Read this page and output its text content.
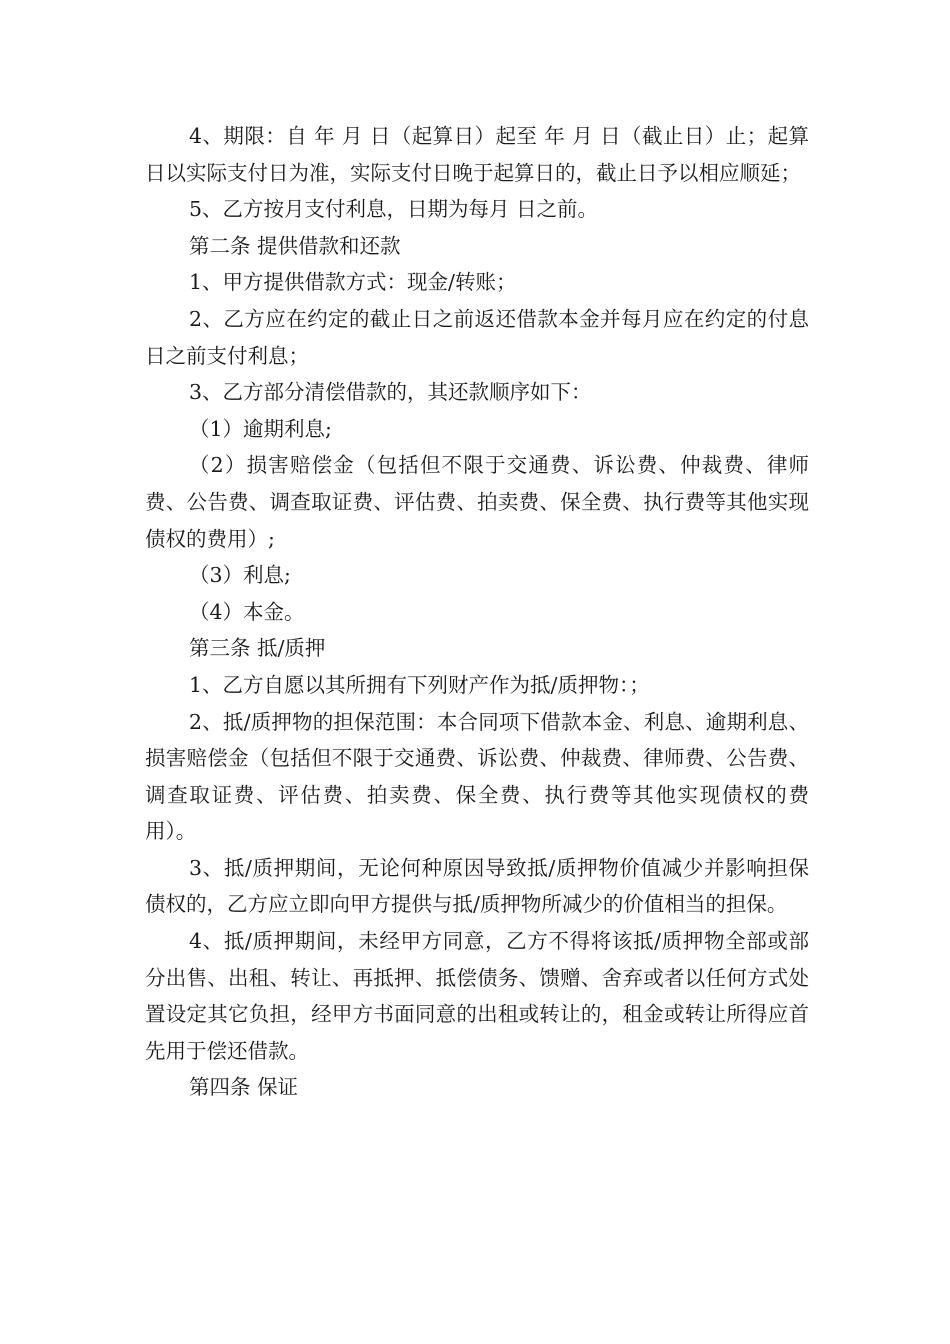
4、期限：自 年 月 日（起算日）起至 年 月 日（截止日）止；起算日以实际支付日为准，实际支付日晚于起算日的，截止日予以相应顺延；

5、乙方按月支付利息，日期为每月 日之前。

第二条 提供借款和还款

1、甲方提供借款方式：现金/转账；

2、乙方应在约定的截止日之前返还借款本金并每月应在约定的付息日之前支付利息；

3、乙方部分清偿借款的，其还款顺序如下：

（1）逾期利息;

（2）损害赔偿金（包括但不限于交通费、诉讼费、仲裁费、律师费、公告费、调查取证费、评估费、拍卖费、保全费、执行费等其他实现债权的费用）;

（3）利息;

（4）本金。

第三条 抵/质押

1、乙方自愿以其所拥有下列财产作为抵/质押物：；

2、抵/质押物的担保范围：本合同项下借款本金、利息、逾期利息、损害赔偿金（包括但不限于交通费、诉讼费、仲裁费、律师费、公告费、调查取证费、评估费、拍卖费、保全费、执行费等其他实现债权的费用）。

3、抵/质押期间，无论何种原因导致抵/质押物价值减少并影响担保债权的，乙方应立即向甲方提供与抵/质押物所减少的价值相当的担保。

4、抵/质押期间，未经甲方同意，乙方不得将该抵/质押物全部或部分出售、出租、转让、再抵押、抵偿债务、馈赠、舍弃或者以任何方式处置设定其它负担，经甲方书面同意的出租或转让的，租金或转让所得应首先用于偿还借款。

第四条 保证
